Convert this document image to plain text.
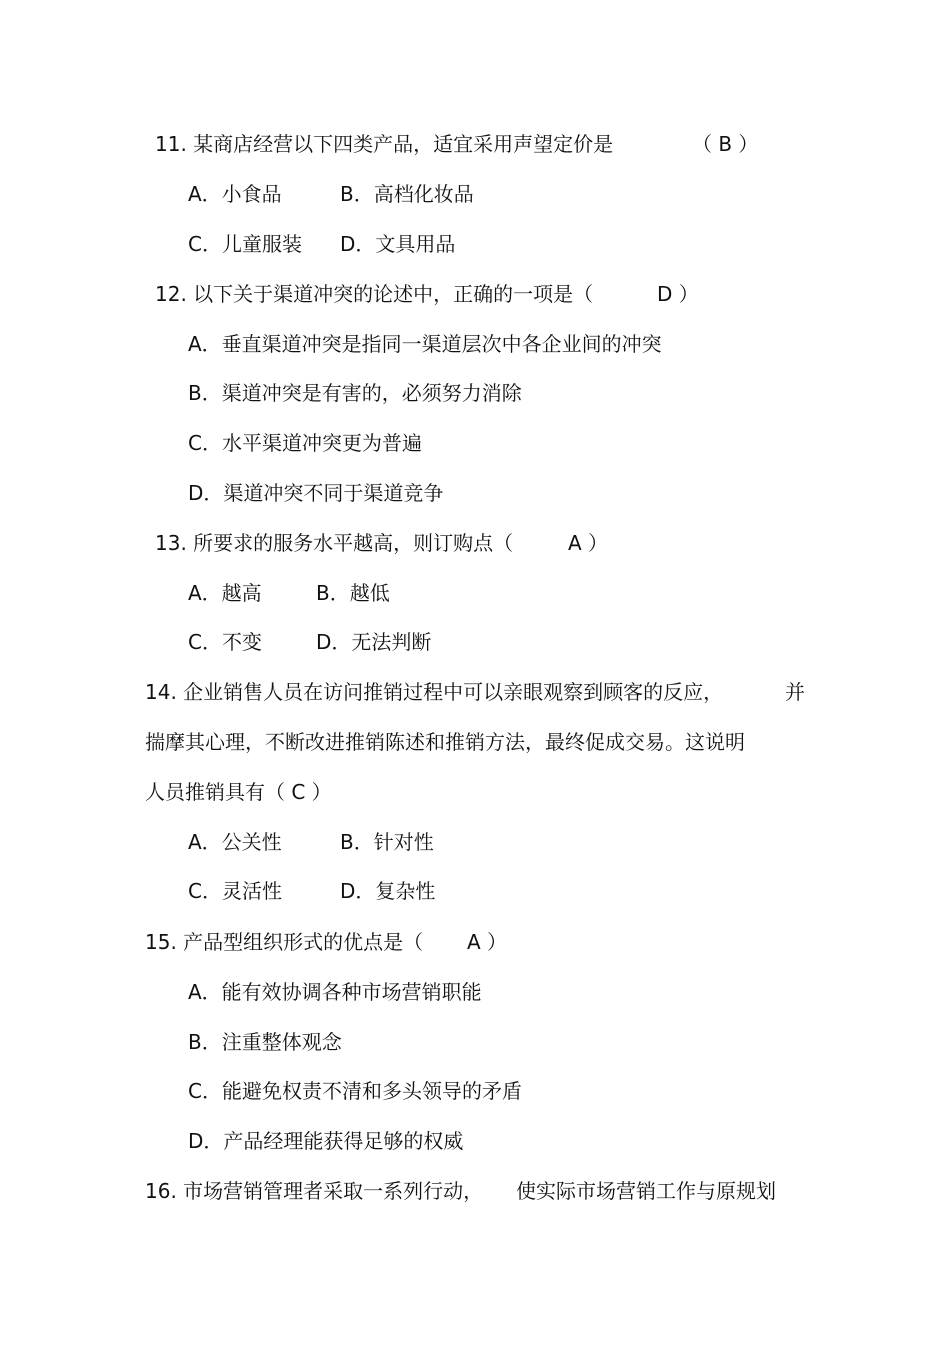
11. 某商店经营以下四类产品，适宜采用声望定价是	（ B ）
A．小食品	B．高档化妆品
C．儿童服装 D．文具用品
12. 以下关于渠道冲突的论述中，正确的一项是（	D ）
A．垂直渠道冲突是指同一渠道层次中各企业间的冲突
B．渠道冲突是有害的，必须努力消除
C．水平渠道冲突更为普遍
D．渠道冲突不同于渠道竞争
13. 所要求的服务水平越高，则订购点（	A ）
A．越高	B．越低
C．不变	D．无法判断
14. 企业销售人员在访问推销过程中可以亲眼观察到顾客的反应，	并
揣摩其心理，不断改进推销陈述和推销方法，最终促成交易。这说明
人员推销具有（ C ）
A．公关性	B．针对性
C．灵活性	D．复杂性
15. 产品型组织形式的优点是（ A ）
A．能有效协调各种市场营销职能
B．注重整体观念
C．能避免权责不清和多头领导的矛盾
D．产品经理能获得足够的权威
16. 市场营销管理者采取一系列行动， 使实际市场营销工作与原规划
